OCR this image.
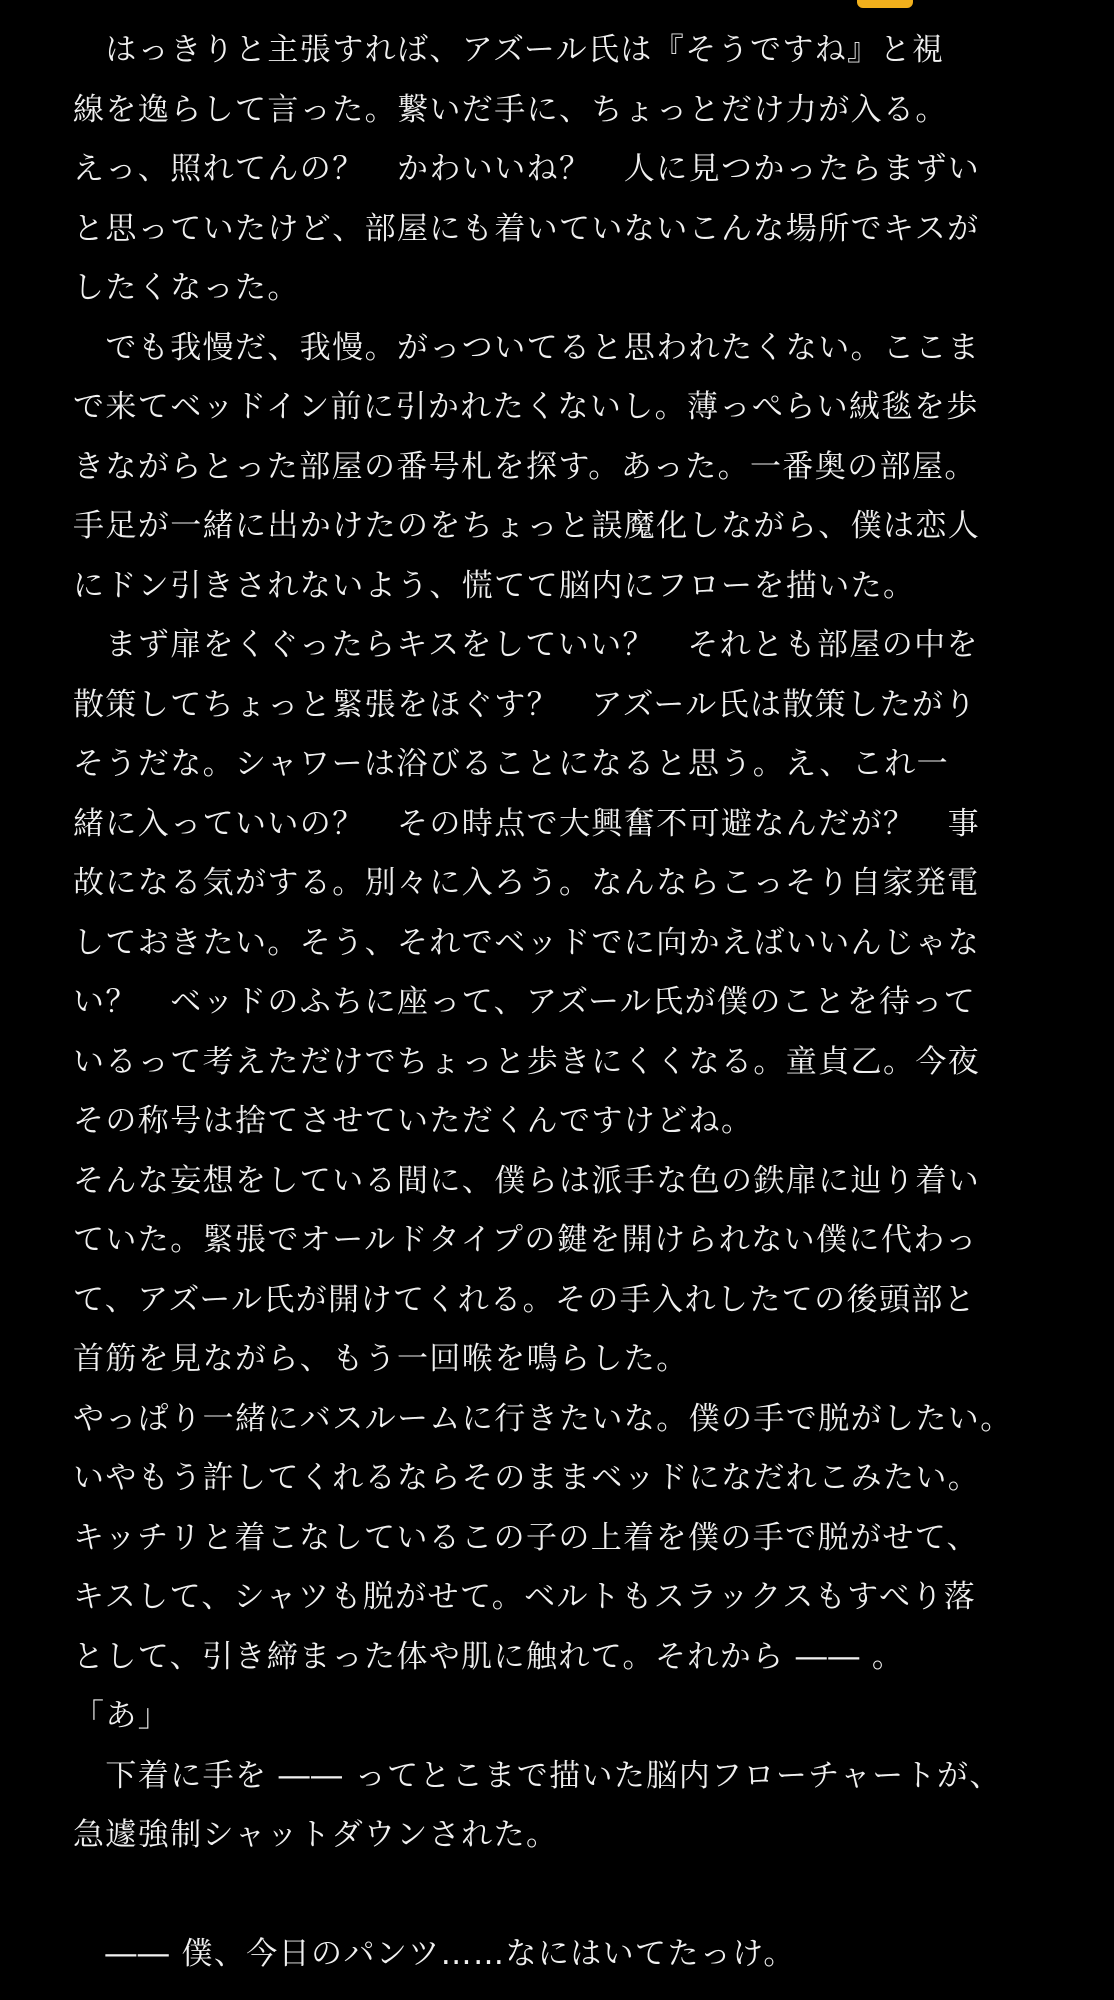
　はっきりと主張すれば、アズール氏は『そうですね』と視
線を逸らして言った。繋いだ手に、ちょっとだけ力が入る。
えっ、照れてんの？　かわいいね？　人に見つかったらまずい
と思っていたけど、部屋にも着いていないこんな場所でキスが
したくなった。
　でも我慢だ、我慢。がっついてると思われたくない。ここま
で来てベッドイン前に引かれたくないし。薄っぺらい絨毯を歩
きながらとった部屋の番号札を探す。あった。一番奥の部屋。
手足が一緒に出かけたのをちょっと誤魔化しながら、僕は恋人
にドン引きされないよう、慌てて脳内にフローを描いた。
　まず扉をくぐったらキスをしていい？　それとも部屋の中を
散策してちょっと緊張をほぐす？　アズール氏は散策したがり
そうだな。シャワーは浴びることになると思う。え、これ一
緒に入っていいの？　その時点で大興奮不可避なんだが？　事
故になる気がする。別々に入ろう。なんならこっそり自家発電
しておきたい。そう、それでベッドでに向かえばいいんじゃな
い？　ベッドのふちに座って、アズール氏が僕のことを待って
いるって考えただけでちょっと歩きにくくなる。童貞乙。今夜
その称号は捨てさせていただくんですけどね。
そんな妄想をしている間に、僕らは派手な色の鉄扉に辿り着い
ていた。緊張でオールドタイプの鍵を開けられない僕に代わっ
て、アズール氏が開けてくれる。その手入れしたての後頭部と
首筋を見ながら、もう一回喉を鳴らした。
やっぱり一緒にバスルームに行きたいな。僕の手で脱がしたい。
いやもう許してくれるならそのままベッドになだれこみたい。
キッチリと着こなしているこの子の上着を僕の手で脱がせて、
キスして、シャツも脱がせて。ベルトもスラックスもすべり落
として、引き締まった体や肌に触れて。それから ―― 。
「あ」
　下着に手を ―― ってとこまで描いた脳内フローチャートが、
急遽強制シャットダウンされた。
　―― 僕、今日のパンツ……なにはいてたっけ。
